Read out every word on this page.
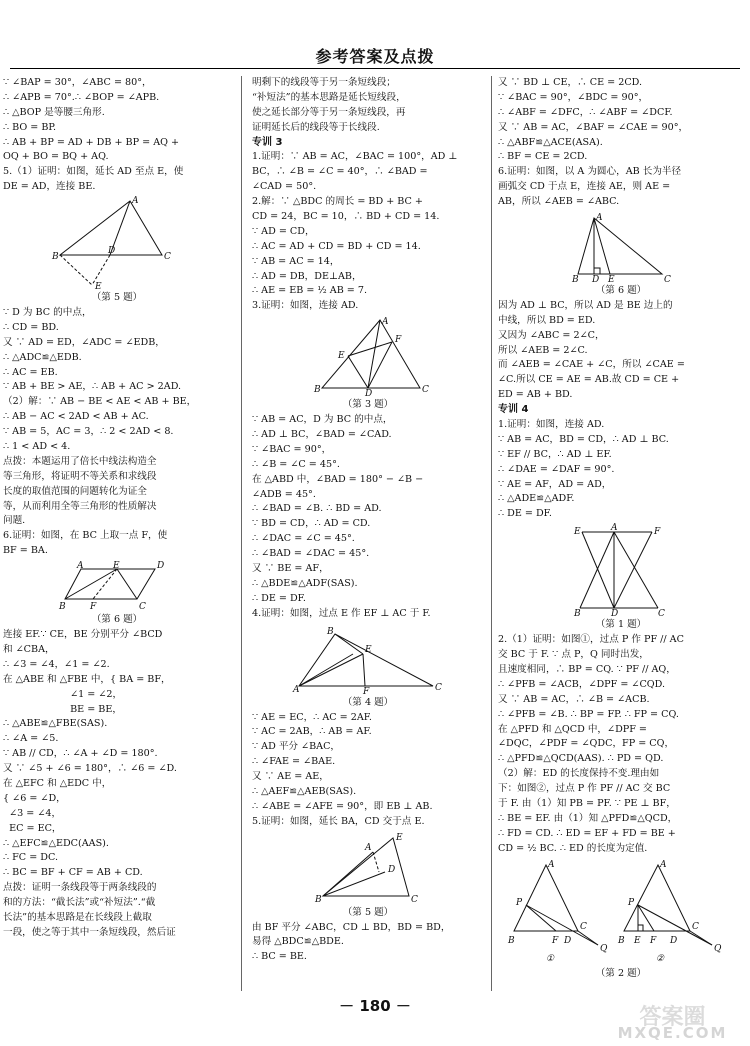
参考答案及点拨
∵ ∠BAP = 30°，∠ABC = 80°，
∴ ∠APB = 70°.∴ ∠BOP = ∠APB.
∴ △BOP 是等腰三角形.
∴ BO = BP.
∴ AB + BP = AD + DB + BP = AQ +
OQ + BO = BQ + AQ.
5.（1）证明：如图，延长 AD 至点 E，使
DE = AD，连接 BE.
A
B
D
C
E
（第 5 题）
∵ D 为 BC 的中点，
∴ CD = BD.
又 ∵ AD = ED，∠ADC = ∠EDB，
∴ △ADC≌△EDB.
∴ AC = EB.
∵ AB + BE > AE，∴ AB + AC > 2AD.
（2）解：∵ AB − BE < AE < AB + BE，
∴ AB − AC < 2AD < AB + AC.
∵ AB = 5，AC = 3，∴ 2 < 2AD < 8.
∴ 1 < AD < 4.
点拨：本题运用了倍长中线法构造全
等三角形，将证明不等关系和求线段
长度的取值范围的问题转化为证全
等，从而利用全等三角形的性质解决
问题.
6.证明：如图，在 BC 上取一点 F，使
BF = BA.
A	E	D
B	F	C
（第 6 题）
连接 EF.∵ CE，BE 分别平分 ∠BCD
和 ∠CBA，
∴ ∠3 = ∠4，∠1 = ∠2.
在 △ABE 和 △FBE 中，{ BA = BF，
∠1 = ∠2，
BE = BE，
∴ △ABE≌△FBE(SAS).
∴ ∠A = ∠5.
∵ AB // CD，∴ ∠A + ∠D = 180°.
又 ∵ ∠5 + ∠6 = 180°，∴ ∠6 = ∠D.
在 △EFC 和 △EDC 中，
{ ∠6 = ∠D，
∠3 = ∠4，
EC = EC，
∴ △EFC≌△EDC(AAS).
∴ FC = DC.
∴ BC = BF + CF = AB + CD.
点拨：证明一条线段等于两条线段的
和的方法：“截长法”或“补短法”.“截
长法”的基本思路是在长线段上截取
一段，使之等于其中一条短线段，然后证
明剩下的线段等于另一条短线段；
“补短法”的基本思路是延长短线段，
使之延长部分等于另一条短线段，再
证明延长后的线段等于长线段.
专训 3
1.证明：∵ AB = AC，∠BAC = 100°，AD ⊥
BC，∴ ∠B = ∠C = 40°，∴ ∠BAD =
∠CAD = 50°.
2.解：∵ △BDC 的周长 = BD + BC +
CD = 24，BC = 10，∴ BD + CD = 14.
∵ AD = CD，
∴ AC = AD + CD = BD + CD = 14.
∵ AB = AC = 14，
∴ AD = DB，DE⊥AB，
∴ AE = EB = ½ AB = 7.
3.证明：如图，连接 AD.
A
E
F
B	D	C
（第 3 题）
∵ AB = AC，D 为 BC 的中点，
∴ AD ⊥ BC，∠BAD = ∠CAD.
∵ ∠BAC = 90°，
∴ ∠B = ∠C = 45°.
在 △ABD 中，∠BAD = 180° − ∠B −
∠ADB = 45°.
∴ ∠BAD = ∠B. ∴ BD = AD.
∵ BD = CD，∴ AD = CD.
∴ ∠DAC = ∠C = 45°.
∴ ∠BAD = ∠DAC = 45°.
又 ∵ BE = AF，
∴ △BDE≌△ADF(SAS).
∴ DE = DF.
4.证明：如图，过点 E 作 EF ⊥ AC 于 F.
B
E
A	F	C
（第 4 题）
∵ AE = EC，∴ AC = 2AF.
∵ AC = 2AB，∴ AB = AF.
∵ AD 平分 ∠BAC，
∴ ∠FAE = ∠BAE.
又 ∵ AE = AE，
∴ △AEF≌△AEB(SAS).
∴ ∠ABE = ∠AFE = 90°，即 EB ⊥ AB.
5.证明：如图，延长 BA，CD 交于点 E.
E
A
D
B	C
（第 5 题）
由 BF 平分 ∠ABC，CD ⊥ BD，BD = BD，
易得 △BDC≌△BDE.
∴ BC = BE.
又 ∵ BD ⊥ CE，∴ CE = 2CD.
∵ ∠BAC = 90°，∠BDC = 90°，
∴ ∠ABF = ∠DFC，∴ ∠ABF = ∠DCF.
又 ∵ AB = AC，∠BAF = ∠CAE = 90°，
∴ △ABF≌△ACE(ASA).
∴ BF = CE = 2CD.
6.证明：如图，以 A 为圆心，AB 长为半径
画弧交 CD 于点 E，连接 AE，则 AE =
AB，所以 ∠AEB = ∠ABC.
A
B D E	C
（第 6 题）
因为 AD ⊥ BC，所以 AD 是 BE 边上的
中线，所以 BD = ED.
又因为 ∠ABC = 2∠C，
所以 ∠AEB = 2∠C.
而 ∠AEB = ∠CAE + ∠C，所以 ∠CAE =
∠C.所以 CE = AE = AB.故 CD = CE +
ED = AB + BD.
专训 4
1.证明：如图，连接 AD.
∵ AB = AC，BD = CD，∴ AD ⊥ BC.
∵ EF // BC，∴ AD ⊥ EF.
∴ ∠DAE = ∠DAF = 90°.
∵ AE = AF，AD = AD，
∴ △ADE≌△ADF.
∴ DE = DF.
E	A	F
B	D	C
（第 1 题）
2.（1）证明：如图①，过点 P 作 PF // AC
交 BC 于 F. ∵ 点 P，Q 同时出发，
且速度相同，∴ BP = CQ. ∵ PF // AQ，
∴ ∠PFB = ∠ACB，∠DPF = ∠CQD.
又 ∵ AB = AC，∴ ∠B = ∠ACB.
∴ ∠PFB = ∠B. ∴ BP = FP. ∴ FP = CQ.
在 △PFD 和 △QCD 中，∠DPF =
∠DQC，∠PDF = ∠QDC，FP = CQ，
∴ △PFD≌△QCD(AAS). ∴ PD = QD.
（2）解：ED 的长度保持不变.理由如
下：如图②，过点 P 作 PF // AC 交 BC
于 F. 由（1）知 PB = PF. ∵ PE ⊥ BF，
∴ BE = EF. 由（1）知 △PFD≌△QCD，
∴ FD = CD. ∴ ED = EF + FD = BE +
CD = ½ BC. ∴ ED 的长度为定值.
A
P
B	F D
C
Q
①
A
P
B E F D
C
Q
②
（第 2 题）
－ 180 －	答案圈
MXQE.COM
